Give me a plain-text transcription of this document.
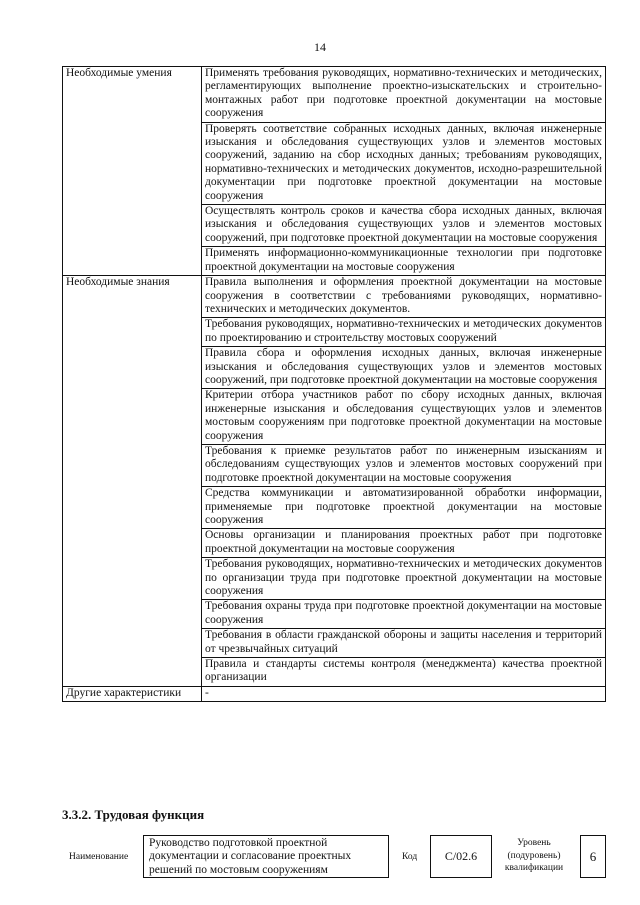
14
Необходимые умения	Применять требования руководящих, нормативно-технических и методических, регламентирующих выполнение проектно-изыскательских и строительно-монтажных работ при подготовке проектной документации на мостовые сооружения
	Проверять соответствие собранных исходных данных, включая инженерные изыскания и обследования существующих узлов и элементов мостовых сооружений, заданию на сбор исходных данных; требованиям руководящих, нормативно-технических и методических документов, исходно-разрешительной документации при подготовке проектной документации на мостовые сооружения
	Осуществлять контроль сроков и качества сбора исходных данных, включая изыскания и обследования существующих узлов и элементов мостовых сооружений, при подготовке проектной документации на мостовые сооружения
	Применять информационно-коммуникационные технологии при подготовке проектной документации на мостовые сооружения
Необходимые знания	Правила выполнения и оформления проектной документации на мостовые сооружения в соответствии с требованиями руководящих, нормативно-технических и методических документов.
	Требования руководящих, нормативно-технических и методических документов по проектированию и строительству мостовых сооружений
	Правила сбора и оформления исходных данных, включая инженерные изыскания и обследования существующих узлов и элементов мостовых сооружений, при подготовке проектной документации на мостовые сооружения
	Критерии отбора участников работ по сбору исходных данных, включая инженерные изыскания и обследования существующих узлов и элементов мостовым сооружениям при подготовке проектной документации на мостовые сооружения
	Требования к приемке результатов работ по инженерным изысканиям и обследованиям существующих узлов и элементов мостовых сооружений при подготовке проектной документации на мостовые сооружения
	Средства коммуникации и автоматизированной обработки информации, применяемые при подготовке проектной документации на мостовые сооружения
	Основы организации и планирования проектных работ при подготовке проектной документации на мостовые сооружения
	Требования руководящих, нормативно-технических и методических документов по организации труда при подготовке проектной документации на мостовые сооружения
	Требования охраны труда при подготовке проектной документации на мостовые сооружения
	Требования в области гражданской обороны и защиты населения и территорий от чрезвычайных ситуаций
	Правила и стандарты системы контроля (менеджмента) качества проектной организации
Другие характеристики	-
3.3.2. Трудовая функция
Наименование
Руководство подготовкой проектной документации и согласование проектных решений по мостовым сооружениям
Код	С/02.6
Уровень (подуровень) квалификации
6
